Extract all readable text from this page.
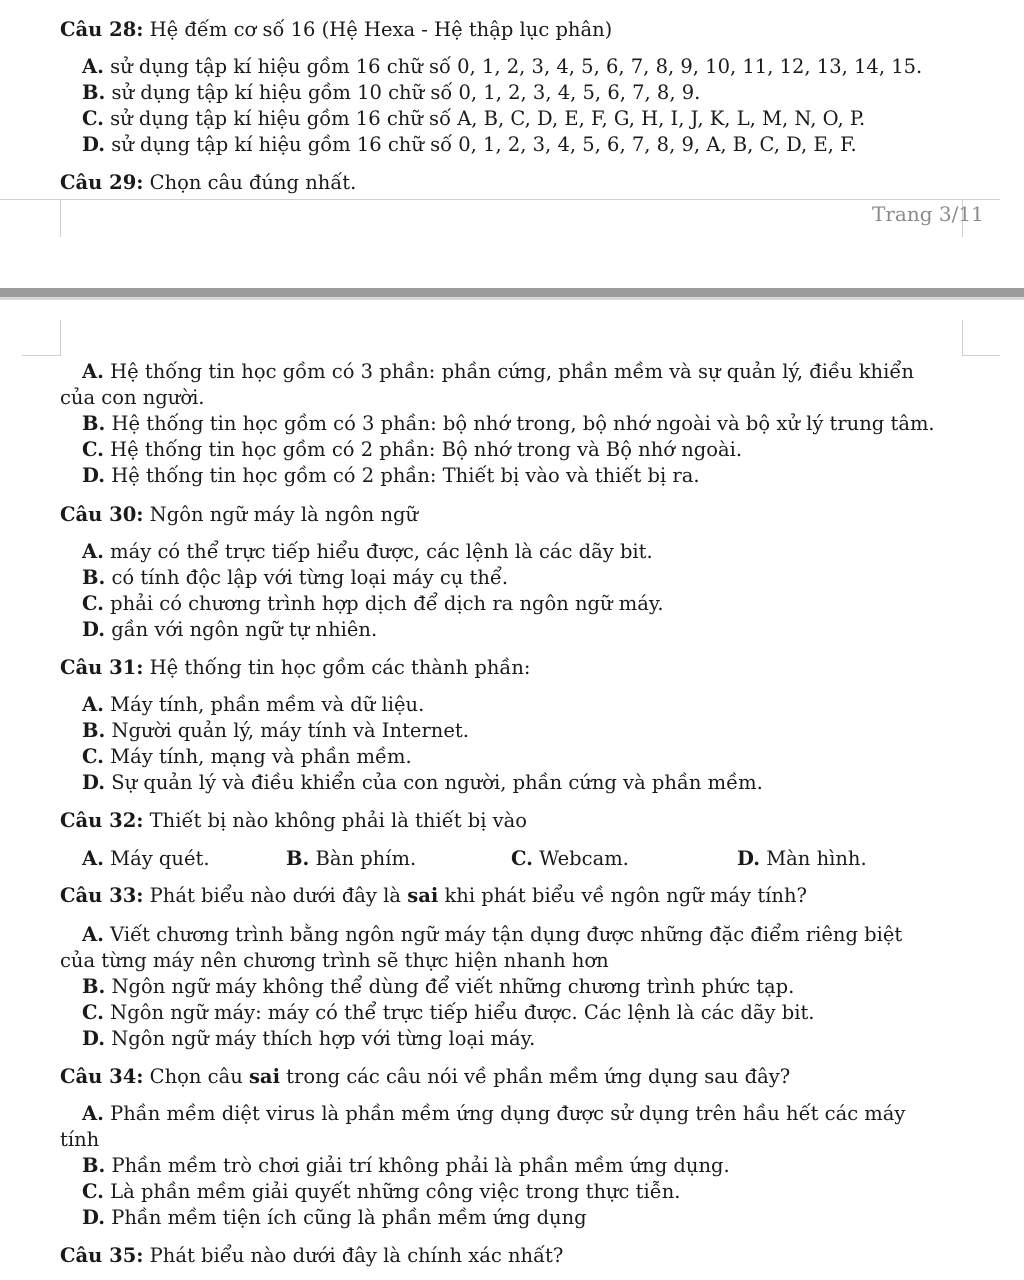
Câu 28: Hệ đếm cơ số 16 (Hệ Hexa - Hệ thập lục phân)
A. sử dụng tập kí hiệu gồm 16 chữ số 0, 1, 2, 3, 4, 5, 6, 7, 8, 9, 10, 11, 12, 13, 14, 15.
B. sử dụng tập kí hiệu gồm 10 chữ số 0, 1, 2, 3, 4, 5, 6, 7, 8, 9.
C. sử dụng tập kí hiệu gồm 16 chữ số A, B, C, D, E, F, G, H, I, J, K, L, M, N, O, P.
D. sử dụng tập kí hiệu gồm 16 chữ số 0, 1, 2, 3, 4, 5, 6, 7, 8, 9, A, B, C, D, E, F.
Câu 29: Chọn câu đúng nhất.
Trang 3/11
A. Hệ thống tin học gồm có 3 phần: phần cứng, phần mềm và sự quản lý, điều khiển
của con người.
B. Hệ thống tin học gồm có 3 phần: bộ nhớ trong, bộ nhớ ngoài và bộ xử lý trung tâm.
C. Hệ thống tin học gồm có 2 phần: Bộ nhớ trong và Bộ nhớ ngoài.
D. Hệ thống tin học gồm có 2 phần: Thiết bị vào và thiết bị ra.
Câu 30: Ngôn ngữ máy là ngôn ngữ
A. máy có thể trực tiếp hiểu được, các lệnh là các dãy bit.
B. có tính độc lập với từng loại máy cụ thể.
C. phải có chương trình hợp dịch để dịch ra ngôn ngữ máy.
D. gần với ngôn ngữ tự nhiên.
Câu 31: Hệ thống tin học gồm các thành phần:
A. Máy tính, phần mềm và dữ liệu.
B. Người quản lý, máy tính và Internet.
C. Máy tính, mạng và phần mềm.
D. Sự quản lý và điều khiển của con người, phần cứng và phần mềm.
Câu 32: Thiết bị nào không phải là thiết bị vào
A. Máy quét.	B. Bàn phím.	C. Webcam.	D. Màn hình.
Câu 33: Phát biểu nào dưới đây là sai khi phát biểu về ngôn ngữ máy tính?
A. Viết chương trình bằng ngôn ngữ máy tận dụng được những đặc điểm riêng biệt
của từng máy nên chương trình sẽ thực hiện nhanh hơn
B. Ngôn ngữ máy không thể dùng để viết những chương trình phức tạp.
C. Ngôn ngữ máy: máy có thể trực tiếp hiểu được. Các lệnh là các dãy bit.
D. Ngôn ngữ máy thích hợp với từng loại máy.
Câu 34: Chọn câu sai trong các câu nói về phần mềm ứng dụng sau đây?
A. Phần mềm diệt virus là phần mềm ứng dụng được sử dụng trên hầu hết các máy
tính
B. Phần mềm trò chơi giải trí không phải là phần mềm ứng dụng.
C. Là phần mềm giải quyết những công việc trong thực tiễn.
D. Phần mềm tiện ích cũng là phần mềm ứng dụng
Câu 35: Phát biểu nào dưới đây là chính xác nhất?
